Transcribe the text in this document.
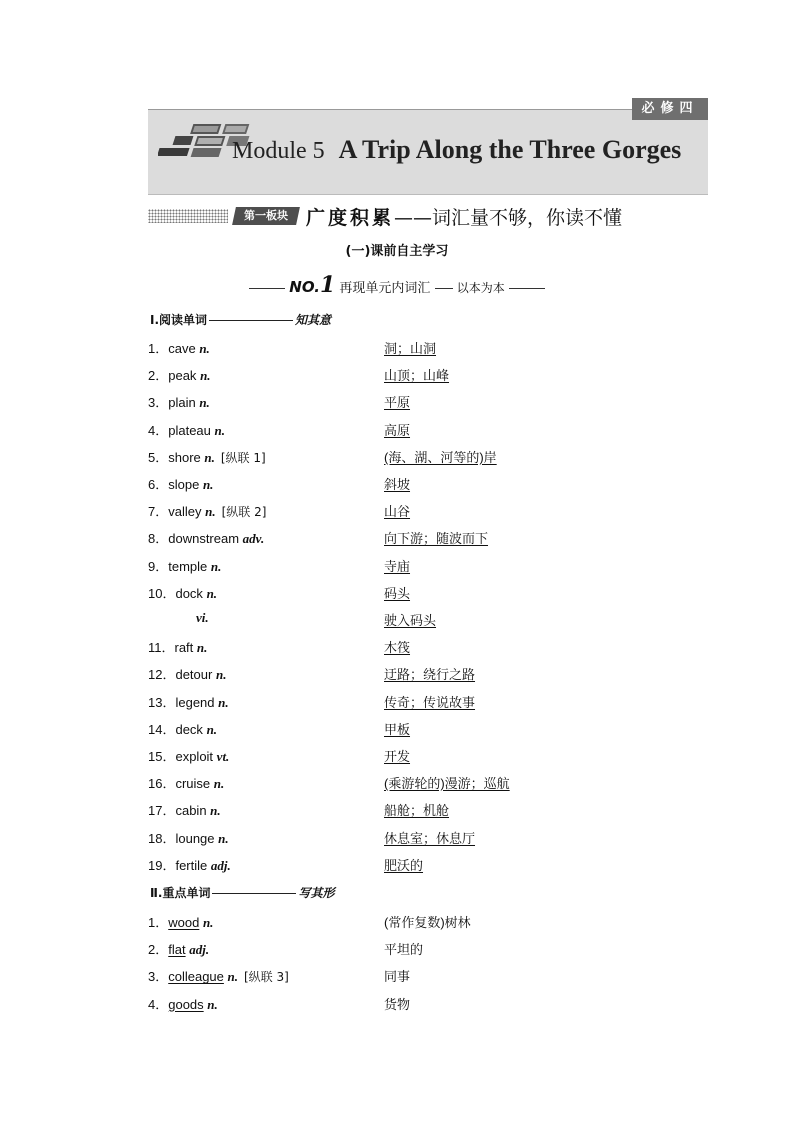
必修四
Module 5 A Trip Along the Three Gorges
第一板块 广度积累——词汇量不够，你读不懂
(一)课前自主学习
NO.1 再现单元内词汇 以本为本
Ⅰ.阅读单词	知其意
1．cave n.	洞；山洞
2．peak n.	山顶；山峰
3．plain n.	平原
4．plateau n.	高原
5．shore n. [纵联 1]	(海、湖、河等的)岸
6．slope n.	斜坡
7．valley n. [纵联 2]	山谷
8．downstream adv.	向下游；随波而下
9．temple n.	寺庙
10．dock n.	码头
vi.	驶入码头
11．raft n.	木筏
12．detour n.	迂路；绕行之路
13．legend n.	传奇；传说故事
14．deck n.	甲板
15．exploit vt.	开发
16．cruise n.	(乘游轮的)漫游；巡航
17．cabin n.	船舱；机舱
18．lounge n.	休息室；休息厅
19．fertile adj.	肥沃的
Ⅱ.重点单词	写其形
1．wood n.	(常作复数)树林
2．flat adj.	平坦的
3．colleague n. [纵联 3]	同事
4．goods n.	货物
